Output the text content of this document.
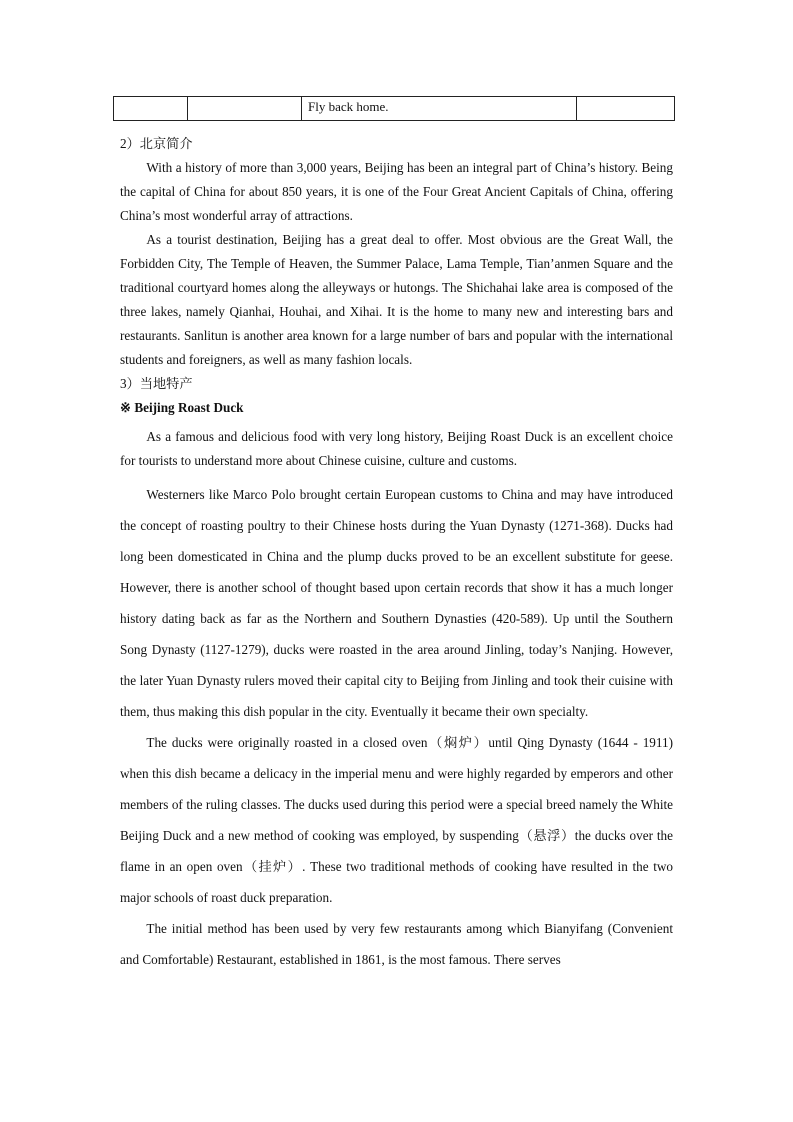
		Fly back home.	

2）北京简介

With a history of more than 3,000 years, Beijing has been an integral part of China’s history. Being the capital of China for about 850 years, it is one of the Four Great Ancient Capitals of China, offering China’s most wonderful array of attractions.

As a tourist destination, Beijing has a great deal to offer. Most obvious are the Great Wall, the Forbidden City, The Temple of Heaven, the Summer Palace, Lama Temple, Tian’anmen Square and the traditional courtyard homes along the alleyways or hutongs. The Shichahai lake area is composed of the three lakes, namely Qianhai, Houhai, and Xihai. It is the home to many new and interesting bars and restaurants. Sanlitun is another area known for a large number of bars and popular with the international students and foreigners, as well as many fashion locals.

3）当地特产

※ Beijing Roast Duck

As a famous and delicious food with very long history, Beijing Roast Duck is an excellent choice for tourists to understand more about Chinese cuisine, culture and customs.

Westerners like Marco Polo brought certain European customs to China and may have introduced the concept of roasting poultry to their Chinese hosts during the Yuan Dynasty (1271-368). Ducks had long been domesticated in China and the plump ducks proved to be an excellent substitute for geese. However, there is another school of thought based upon certain records that show it has a much longer history dating back as far as the Northern and Southern Dynasties (420-589). Up until the Southern Song Dynasty (1127-1279), ducks were roasted in the area around Jinling, today’s Nanjing. However, the later Yuan Dynasty rulers moved their capital city to Beijing from Jinling and took their cuisine with them, thus making this dish popular in the city. Eventually it became their own specialty.

The ducks were originally roasted in a closed oven（焖炉）until Qing Dynasty (1644 - 1911) when this dish became a delicacy in the imperial menu and were highly regarded by emperors and other members of the ruling classes. The ducks used during this period were a special breed namely the White Beijing Duck and a new method of cooking was employed, by suspending（悬浮）the ducks over the flame in an open oven（挂炉）. These two traditional methods of cooking have resulted in the two major schools of roast duck preparation.

The initial method has been used by very few restaurants among which Bianyifang (Convenient and Comfortable) Restaurant, established in 1861, is the most famous. There serves
